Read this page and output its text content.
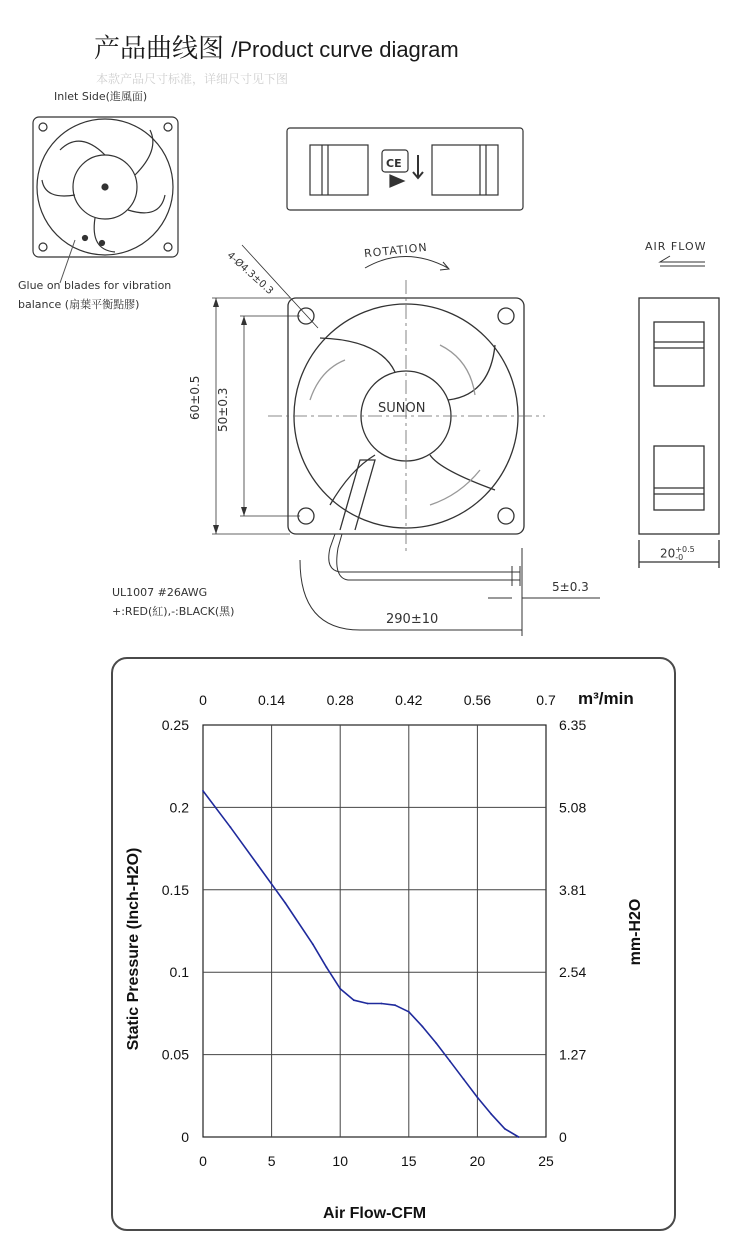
产品曲线图 /Product curve diagram
本款产品尺寸标准，详细尺寸见下图
CE
Inlet Side(進風面)
Glue on blades for vibration
balance (扇葉平衡點膠)
4-Ø4.3±0.3	ROTATION	AIR FLOW
SUNON
60±0.5 50±0.3
20 +0.5
-0
5±0.3
290±10
UL1007 #26AWG
+:RED(紅),-:BLACK(黑)
0	5	10	15	20	25
0	0.14	0.28	0.42	0.56	0.7
0
0.05
0.1
0.15
0.2
0.25
0
1.27
2.54
3.81
5.08
6.35
Air Flow-CFM
m³/min
Static Pressure (Inch-H2O)	mm-H2O
